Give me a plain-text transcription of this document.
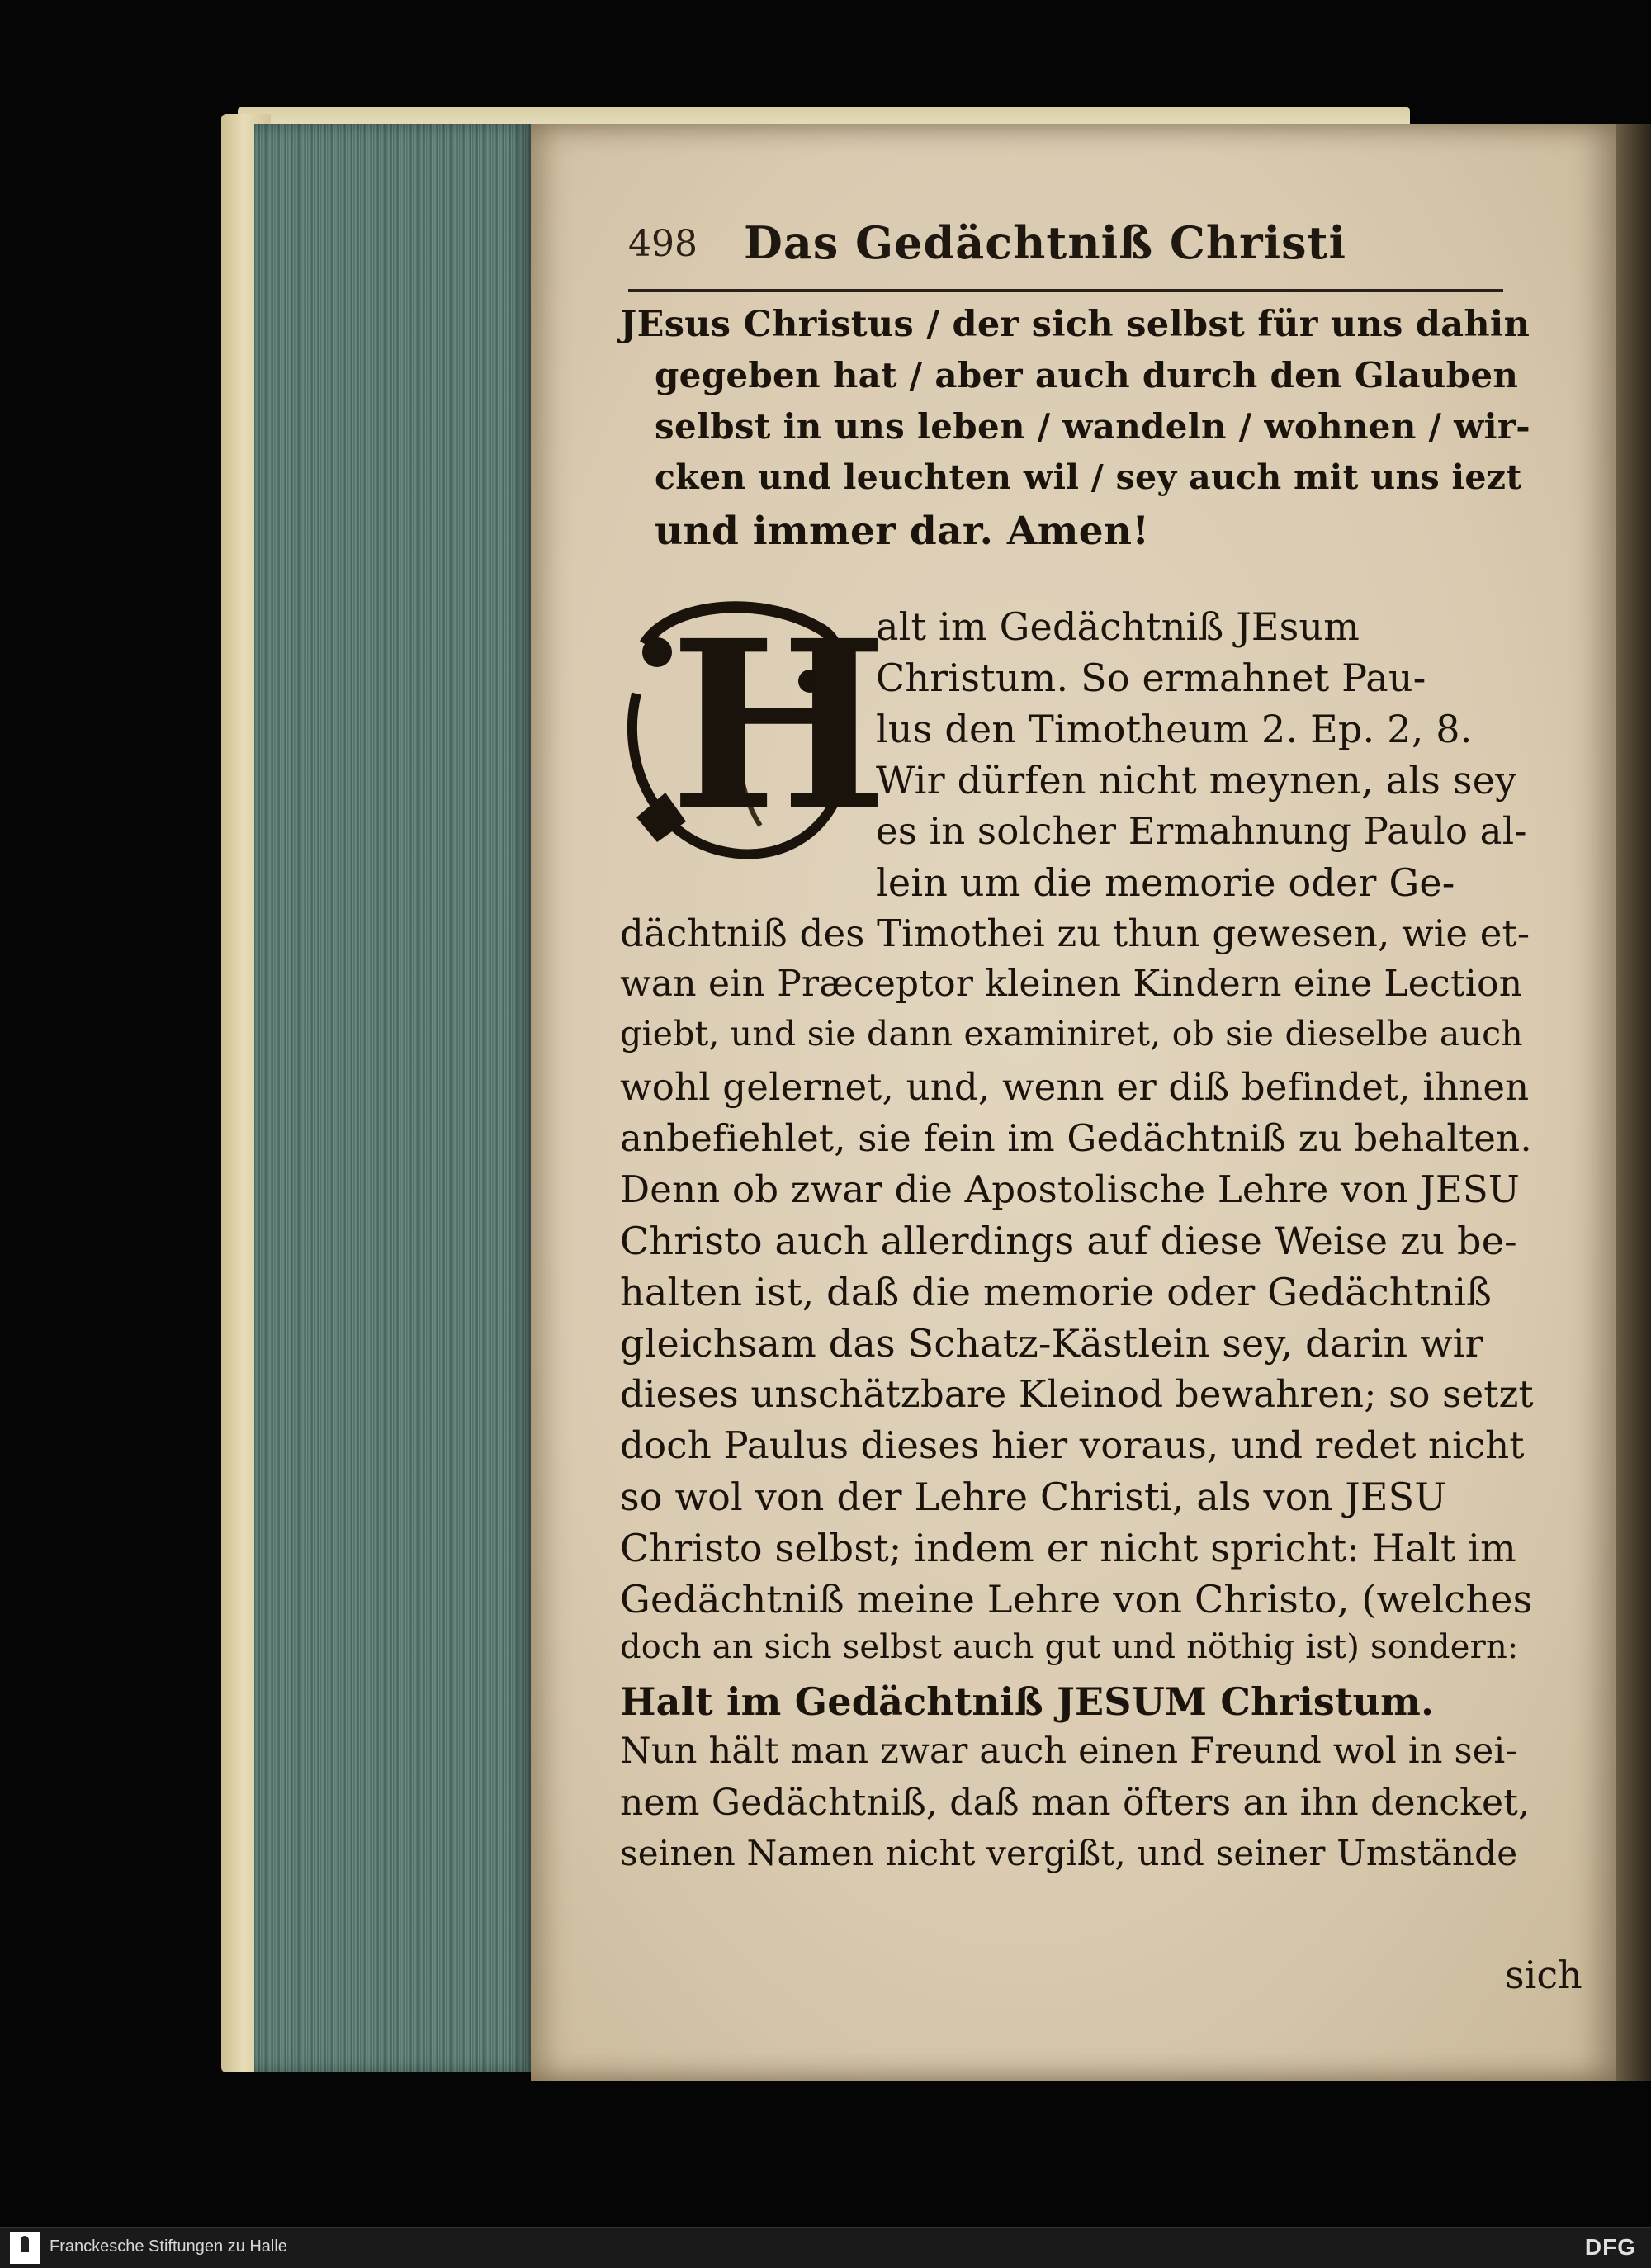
498 Das Gedächtniß Christi
JEsus Christus / der sich selbst für uns dahin
gegeben hat / aber auch durch den Glauben
selbst in uns leben / wandeln / wohnen / wir-
cken und leuchten wil / sey auch mit uns iezt
und immer dar. Amen!
H
alt im Gedächtniß JEsum
Christum. So ermahnet Pau-
lus den Timotheum 2. Ep. 2, 8.
Wir dürfen nicht meynen, als sey
es in solcher Ermahnung Paulo al-
lein um die memorie oder Ge-
dächtniß des Timothei zu thun gewesen, wie et-
wan ein Præceptor kleinen Kindern eine Lection
giebt, und sie dann examiniret, ob sie dieselbe auch
wohl gelernet, und, wenn er diß befindet, ihnen
anbefiehlet, sie fein im Gedächtniß zu behalten.
Denn ob zwar die Apostolische Lehre von JESU
Christo auch allerdings auf diese Weise zu be-
halten ist, daß die memorie oder Gedächtniß
gleichsam das Schatz-Kästlein sey, darin wir
dieses unschätzbare Kleinod bewahren; so setzt
doch Paulus dieses hier voraus, und redet nicht
so wol von der Lehre Christi, als von JESU
Christo selbst; indem er nicht spricht: Halt im
Gedächtniß meine Lehre von Christo, (welches
doch an sich selbst auch gut und nöthig ist) sondern:
Halt im Gedächtniß JESUM Christum.
Nun hält man zwar auch einen Freund wol in sei-
nem Gedächtniß, daß man öfters an ihn dencket,
seinen Namen nicht vergißt, und seiner Umstände
sich
Franckesche Stiftungen zu Halle	DFG
